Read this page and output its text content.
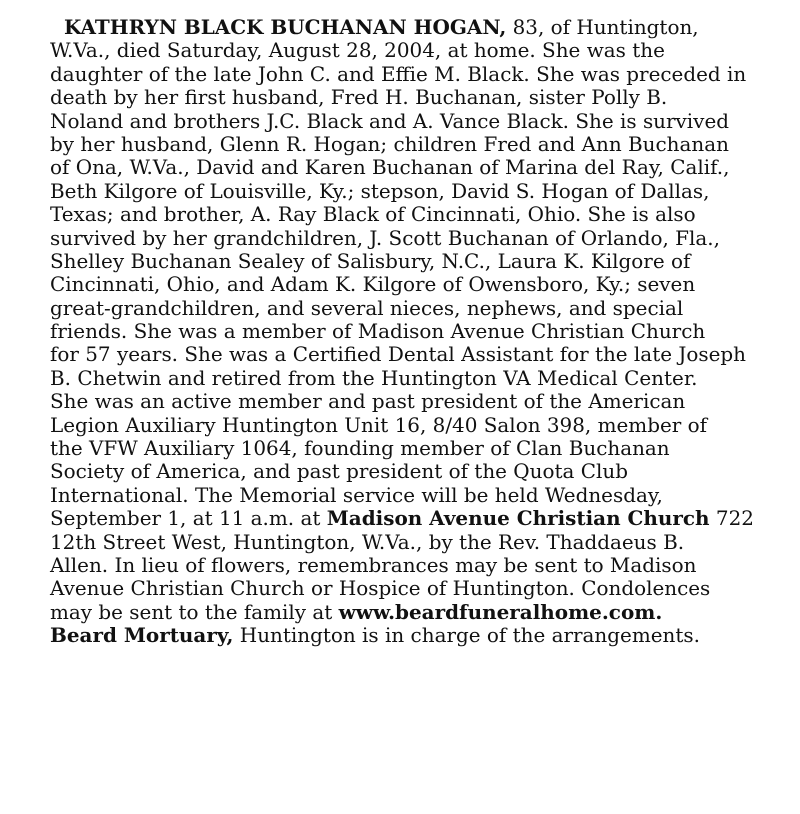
KATHRYN BLACK BUCHANAN HOGAN, 83, of Huntington,
W.Va., died Saturday, August 28, 2004, at home. She was the
daughter of the late John C. and Effie M. Black. She was preceded in
death by her first husband, Fred H. Buchanan, sister Polly B.
Noland and brothers J.C. Black and A. Vance Black. She is survived
by her husband, Glenn R. Hogan; children Fred and Ann Buchanan
of Ona, W.Va., David and Karen Buchanan of Marina del Ray, Calif.,
Beth Kilgore of Louisville, Ky.; stepson, David S. Hogan of Dallas,
Texas; and brother, A. Ray Black of Cincinnati, Ohio. She is also
survived by her grandchildren, J. Scott Buchanan of Orlando, Fla.,
Shelley Buchanan Sealey of Salisbury, N.C., Laura K. Kilgore of
Cincinnati, Ohio, and Adam K. Kilgore of Owensboro, Ky.; seven
great-grandchildren, and several nieces, nephews, and special
friends. She was a member of Madison Avenue Christian Church
for 57 years. She was a Certified Dental Assistant for the late Joseph
B. Chetwin and retired from the Huntington VA Medical Center.
She was an active member and past president of the American
Legion Auxiliary Huntington Unit 16, 8/40 Salon 398, member of
the VFW Auxiliary 1064, founding member of Clan Buchanan
Society of America, and past president of the Quota Club
International. The Memorial service will be held Wednesday,
September 1, at 11 a.m. at Madison Avenue Christian Church 722
12th Street West, Huntington, W.Va., by the Rev. Thaddaeus B.
Allen. In lieu of flowers, remembrances may be sent to Madison
Avenue Christian Church or Hospice of Huntington. Condolences
may be sent to the family at www.beardfuneralhome.com.
Beard Mortuary, Huntington is in charge of the arrangements.
